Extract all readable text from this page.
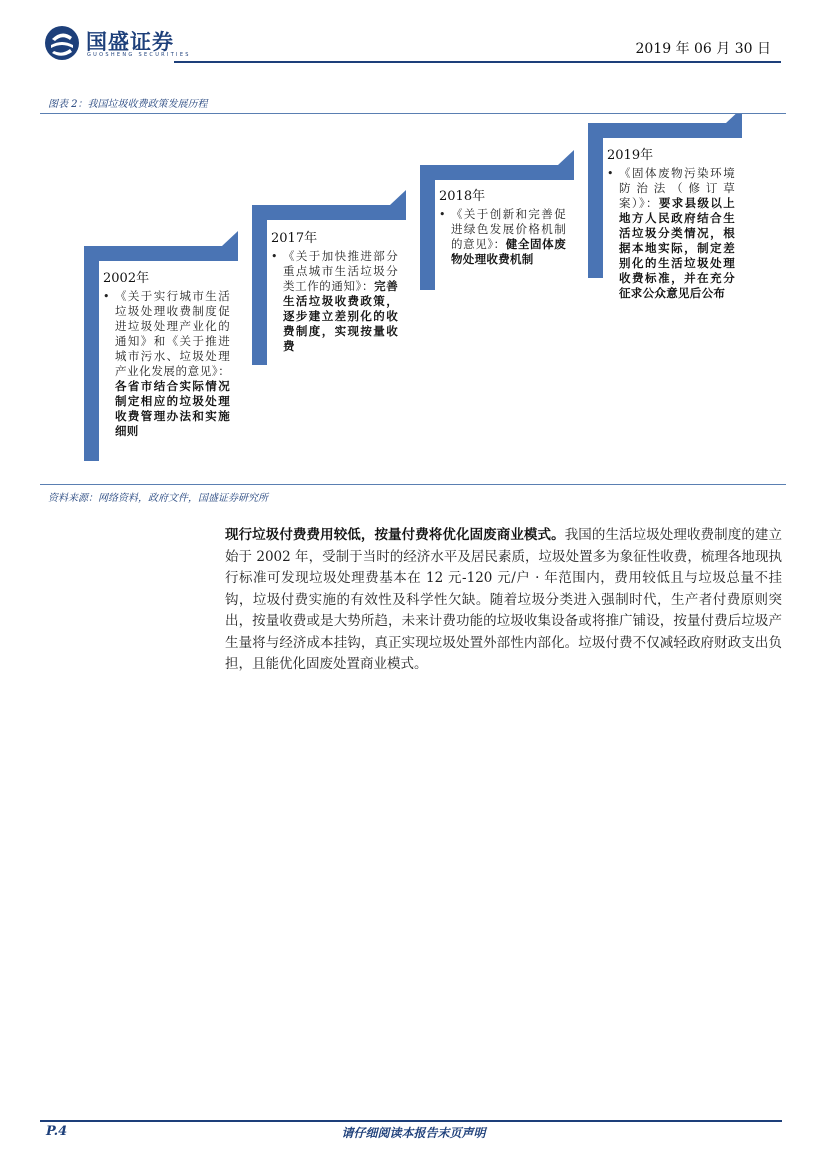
国盛证券
GUOSHENG SECURITIES	2019 年 06 月 30 日
图表 2：我国垃圾收费政策发展历程
2002年
• 《关于实行城市生活垃圾处理收费制度促进垃圾处理产业化的通知》和《关于推进城市污水、垃圾处理产业化发展的意见》：各省市结合实际情况制定相应的垃圾处理收费管理办法和实施细则
2017年
• 《关于加快推进部分重点城市生活垃圾分类工作的通知》：完善生活垃圾收费政策，逐步建立差别化的收费制度，实现按量收费
2018年
• 《关于创新和完善促进绿色发展价格机制的意见》：健全固体废物处理收费机制
2019年
• 《固体废物污染环境防治法（修订草案）》：要求县级以上地方人民政府结合生活垃圾分类情况，根据本地实际，制定差别化的生活垃圾处理收费标准，并在充分征求公众意见后公布
资料来源：网络资料，政府文件，国盛证券研究所
现行垃圾付费费用较低，按量付费将优化固废商业模式。我国的生活垃圾处理收费制度的建立始于 2002 年，受制于当时的经济水平及居民素质，垃圾处置多为象征性收费，梳理各地现执行标准可发现垃圾处理费基本在 12 元-120 元/户 · 年范围内，费用较低且与垃圾总量不挂钩，垃圾付费实施的有效性及科学性欠缺。随着垃圾分类进入强制时代，生产者付费原则突出，按量收费或是大势所趋，未来计费功能的垃圾收集设备或将推广铺设，按量付费后垃圾产生量将与经济成本挂钩，真正实现垃圾处置外部性内部化。垃圾付费不仅减轻政府财政支出负担，且能优化固废处置商业模式。
请仔细阅读本报告末页声明
P.4
